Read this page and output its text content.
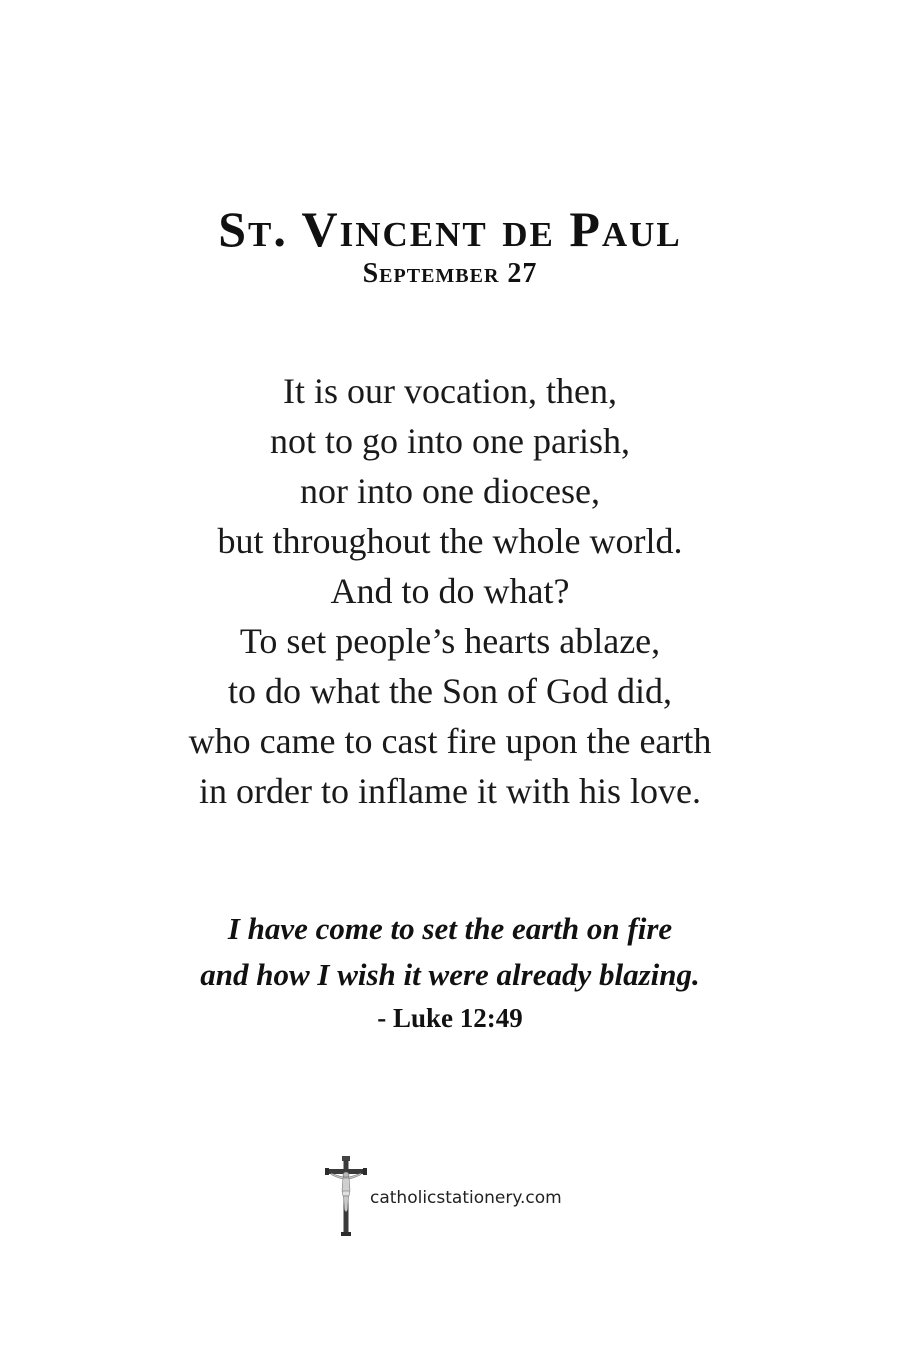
St. Vincent de Paul
September 27
It is our vocation, then,
not to go into one parish,
nor into one diocese,
but throughout the whole world.
And to do what?
To set people’s hearts ablaze,
to do what the Son of God did,
who came to cast fire upon the earth
in order to inflame it with his love.
I have come to set the earth on fire
and how I wish it were already blazing.
- Luke 12:49
catholicstationery.com
